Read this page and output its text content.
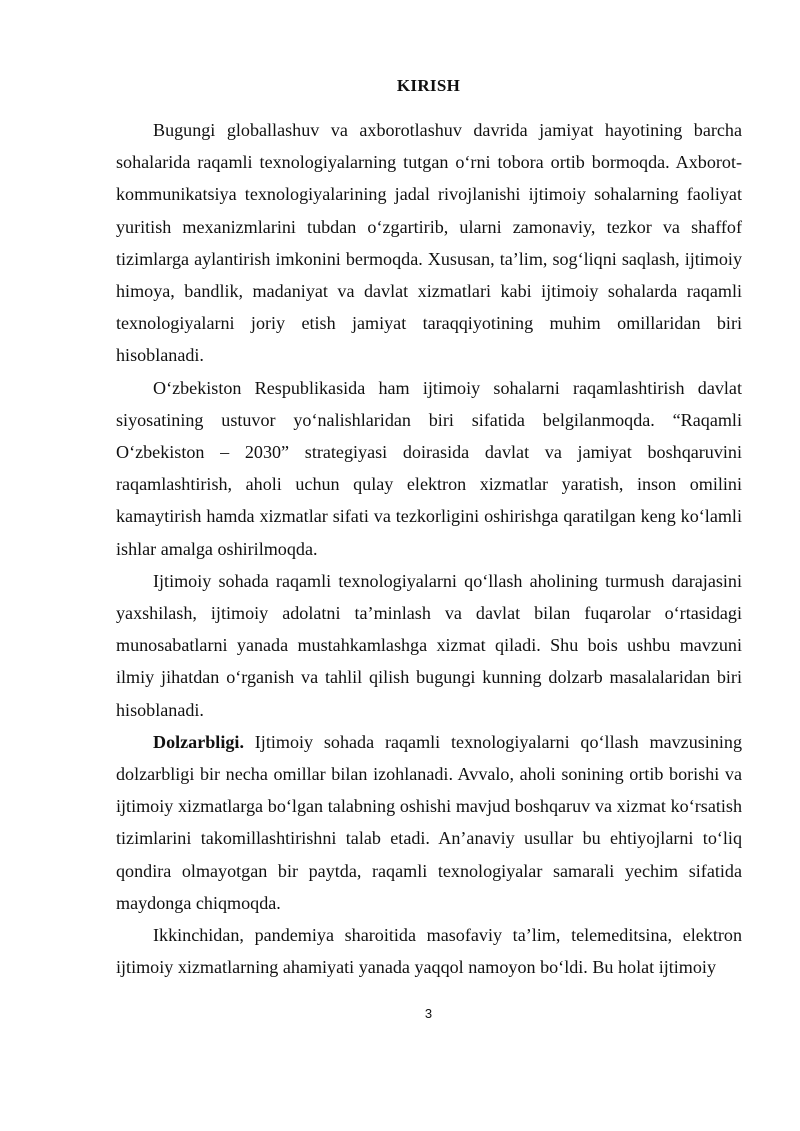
KIRISH

Bugungi globallashuv va axborotlashuv davrida jamiyat hayotining barcha sohalarida raqamli texnologiyalarning tutgan o‘rni tobora ortib bormoqda. Axborot-kommunikatsiya texnologiyalarining jadal rivojlanishi ijtimoiy sohalarning faoliyat yuritish mexanizmlarini tubdan o‘zgartirib, ularni zamonaviy, tezkor va shaffof tizimlarga aylantirish imkonini bermoqda. Xususan, ta’lim, sog‘liqni saqlash, ijtimoiy himoya, bandlik, madaniyat va davlat xizmatlari kabi ijtimoiy sohalarda raqamli texnologiyalarni joriy etish jamiyat taraqqiyotining muhim omillaridan biri hisoblanadi.

O‘zbekiston Respublikasida ham ijtimoiy sohalarni raqamlashtirish davlat siyosatining ustuvor yo‘nalishlaridan biri sifatida belgilanmoqda. “Raqamli O‘zbekiston – 2030” strategiyasi doirasida davlat va jamiyat boshqaruvini raqamlashtirish, aholi uchun qulay elektron xizmatlar yaratish, inson omilini kamaytirish hamda xizmatlar sifati va tezkorligini oshirishga qaratilgan keng ko‘lamli ishlar amalga oshirilmoqda.

Ijtimoiy sohada raqamli texnologiyalarni qo‘llash aholining turmush darajasini yaxshilash, ijtimoiy adolatni ta’minlash va davlat bilan fuqarolar o‘rtasidagi munosabatlarni yanada mustahkamlashga xizmat qiladi. Shu bois ushbu mavzuni ilmiy jihatdan o‘rganish va tahlil qilish bugungi kunning dolzarb masalalaridan biri hisoblanadi.

Dolzarbligi. Ijtimoiy sohada raqamli texnologiyalarni qo‘llash mavzusining dolzarbligi bir necha omillar bilan izohlanadi. Avvalo, aholi sonining ortib borishi va ijtimoiy xizmatlarga bo‘lgan talabning oshishi mavjud boshqaruv va xizmat ko‘rsatish tizimlarini takomillashtirishni talab etadi. An’anaviy usullar bu ehtiyojlarni to‘liq qondira olmayotgan bir paytda, raqamli texnologiyalar samarali yechim sifatida maydonga chiqmoqda.

Ikkinchidan, pandemiya sharoitida masofaviy ta’lim, telemeditsina, elektron ijtimoiy xizmatlarning ahamiyati yanada yaqqol namoyon bo‘ldi. Bu holat ijtimoiy

3
